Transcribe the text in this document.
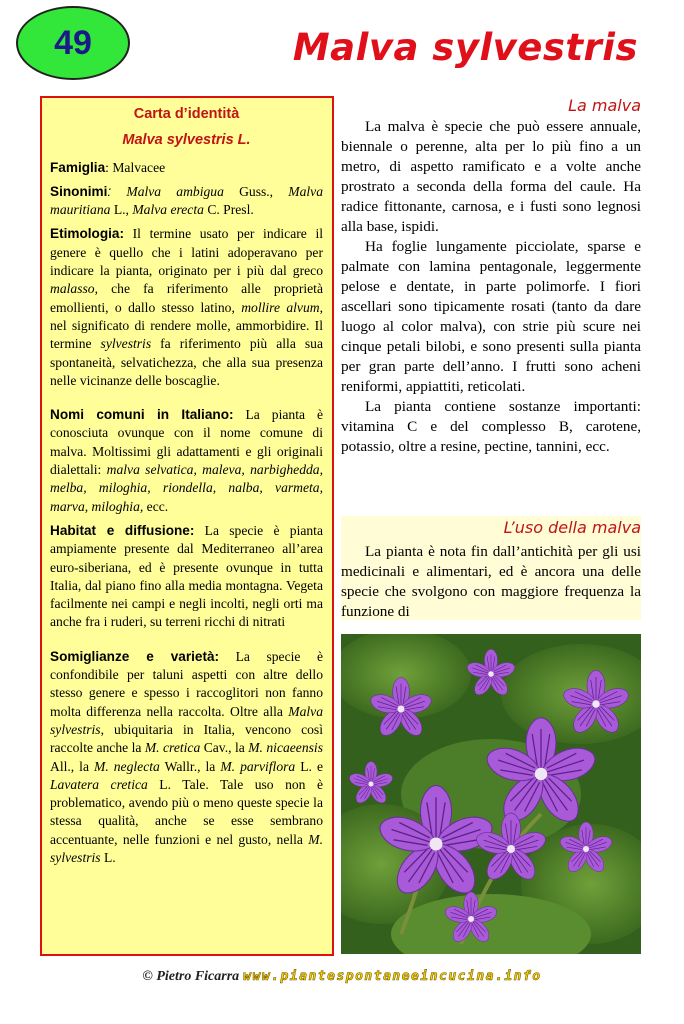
49	Malva sylvestris
Carta d’identità
Malva sylvestris L.

Famiglia: Malvacee

Sinonimi: Malva ambigua Guss., Malva mauritiana L., Malva erecta C. Presl.

Etimologia: Il termine usato per indicare il genere è quello che i latini adoperavano per indicare la pianta, originato per i più dal greco malasso, che fa riferimento alle proprietà emollienti, o dallo stesso latino, mollire alvum, nel significato di rendere molle, ammorbidire. Il termine sylvestris fa riferimento più alla sua spontaneità, selvatichezza, che alla sua presenza nelle vicinanze delle boscaglie.

Nomi comuni in Italiano: La pianta è conosciuta ovunque con il nome comune di malva. Moltissimi gli adattamenti e gli originali dialettali: malva selvatica, maleva, narbighedda, melba, miloghia, riondella, nalba, varmeta, marva, miloghia, ecc.

Habitat e diffusione: La specie è pianta ampiamente presente dal Mediterraneo all’area euro-siberiana, ed è presente ovunque in tutta Italia, dal piano fino alla media montagna. Vegeta facilmente nei campi e negli incolti, negli orti ma anche fra i ruderi, su terreni ricchi di nitrati

Somiglianze e varietà: La specie è confondibile per taluni aspetti con altre dello stesso genere e spesso i raccoglitori non fanno molta differenza nella raccolta. Oltre alla Malva sylvestris, ubiquitaria in Italia, vencono così raccolte anche la M. cretica Cav., la M. nicaeensis All., la M. neglecta Wallr., la M. parviflora L. e Lavatera cretica L. Tale. Tale uso non è problematico, avendo più o meno queste specie la stessa qualità, anche se esse sembrano accentuante, nelle funzioni e nel gusto, nella M. sylvestris L.

La malva

La malva è specie che può essere annuale, biennale o perenne, alta per lo più fino a un metro, di aspetto ramificato e a volte anche prostrato a seconda della forma del caule. Ha radice fittonante, carnosa, e i fusti sono legnosi alla base, ispidi.

Ha foglie lungamente picciolate, sparse e palmate con lamina pentagonale, leggermente pelose e dentate, in parte polimorfe. I fiori ascellari sono tipicamente rosati (tanto da dare luogo al color malva), con strie più scure nei cinque petali bilobi, e sono presenti sulla pianta per gran parte dell’anno. I frutti sono acheni reniformi, appiattiti, reticolati.

La pianta contiene sostanze importanti: vitamina C e del complesso B, carotene, potassio, oltre a resine, pectine, tannini, ecc.

L’uso della malva

La pianta è nota fin dall’antichità per gli usi medicinali e alimentari, ed è ancora una delle specie che svolgono con maggiore frequenza la funzione di

© Pietro Ficarra www.piantespontaneeincucina.info
